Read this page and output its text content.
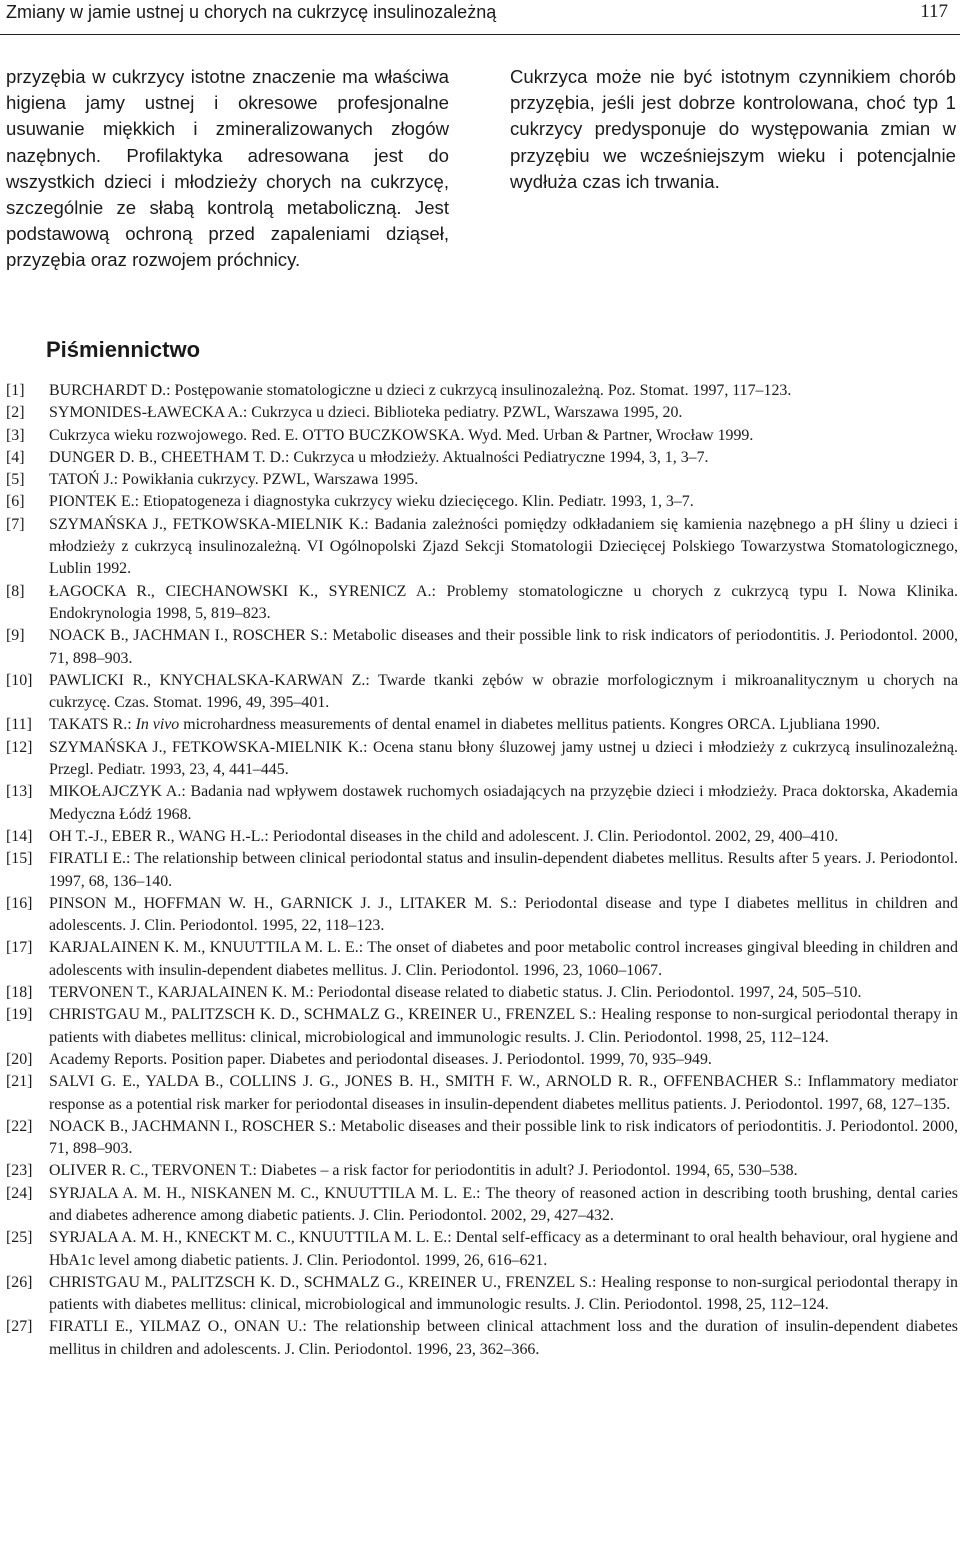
Zmiany w jamie ustnej u chorych na cukrzycę insulinozależną	117
przyzębia w cukrzycy istotne znaczenie ma właściwa higiena jamy ustnej i okresowe profesjonalne usuwanie miękkich i zmineralizowanych złogów nazębnych. Profilaktyka adresowana jest do wszystkich dzieci i młodzieży chorych na cukrzycę, szczególnie ze słabą kontrolą metaboliczną. Jest podstawową ochroną przed zapaleniami dziąseł, przyzębia oraz rozwojem próchnicy.
Cukrzyca może nie być istotnym czynnikiem chorób przyzębia, jeśli jest dobrze kontrolowana, choć typ 1 cukrzycy predysponuje do występowania zmian w przyzębiu we wcześniejszym wieku i potencjalnie wydłuża czas ich trwania.
Piśmiennictwo

[1]	BURCHARDT D.: Postępowanie stomatologiczne u dzieci z cukrzycą insulinozależną. Poz. Stomat. 1997, 117–123.

[2]	SYMONIDES-ŁAWECKA A.: Cukrzyca u dzieci. Biblioteka pediatry. PZWL, Warszawa 1995, 20.

[3]	Cukrzyca wieku rozwojowego. Red. E. OTTO BUCZKOWSKA. Wyd. Med. Urban & Partner, Wrocław 1999.

[4]	DUNGER D. B., CHEETHAM T. D.: Cukrzyca u młodzieży. Aktualności Pediatryczne 1994, 3, 1, 3–7.

[5]	TATOŃ J.: Powikłania cukrzycy. PZWL, Warszawa 1995.

[6]	PIONTEK E.: Etiopatogeneza i diagnostyka cukrzycy wieku dziecięcego. Klin. Pediatr. 1993, 1, 3–7.

[7]	SZYMAŃSKA J., FETKOWSKA-MIELNIK K.: Badania zależności pomiędzy odkładaniem się kamienia nazębnego a pH śliny u dzieci i młodzieży z cukrzycą insulinozależną. VI Ogólnopolski Zjazd Sekcji Stomatologii Dziecięcej Polskiego Towarzystwa Stomatologicznego, Lublin 1992.

[8]	ŁAGOCKA R., CIECHANOWSKI K., SYRENICZ A.: Problemy stomatologiczne u chorych z cukrzycą typu I. Nowa Klinika. Endokrynologia 1998, 5, 819–823.

[9]	NOACK B., JACHMAN I., ROSCHER S.: Metabolic diseases and their possible link to risk indicators of periodontitis. J. Periodontol. 2000, 71, 898–903.

[10]	PAWLICKI R., KNYCHALSKA-KARWAN Z.: Twarde tkanki zębów w obrazie morfologicznym i mikroanalitycznym u chorych na cukrzycę. Czas. Stomat. 1996, 49, 395–401.

[11]	TAKATS R.: In vivo microhardness measurements of dental enamel in diabetes mellitus patients. Kongres ORCA. Ljubliana 1990.

[12]	SZYMAŃSKA J., FETKOWSKA-MIELNIK K.: Ocena stanu błony śluzowej jamy ustnej u dzieci i młodzieży z cukrzycą insulinozależną. Przegl. Pediatr. 1993, 23, 4, 441–445.

[13]	MIKOŁAJCZYK A.: Badania nad wpływem dostawek ruchomych osiadających na przyzębie dzieci i młodzieży. Praca doktorska, Akademia Medyczna Łódź 1968.

[14]	OH T.-J., EBER R., WANG H.-L.: Periodontal diseases in the child and adolescent. J. Clin. Periodontol. 2002, 29, 400–410.

[15]	FIRATLI E.: The relationship between clinical periodontal status and insulin-dependent diabetes mellitus. Results after 5 years. J. Periodontol. 1997, 68, 136–140.

[16]	PINSON M., HOFFMAN W. H., GARNICK J. J., LITAKER M. S.: Periodontal disease and type I diabetes mellitus in children and adolescents. J. Clin. Periodontol. 1995, 22, 118–123.

[17]	KARJALAINEN K. M., KNUUTTILA M. L. E.: The onset of diabetes and poor metabolic control increases gingival bleeding in children and adolescents with insulin-dependent diabetes mellitus. J. Clin. Periodontol. 1996, 23, 1060–1067.

[18]	TERVONEN T., KARJALAINEN K. M.: Periodontal disease related to diabetic status. J. Clin. Periodontol. 1997, 24, 505–510.

[19]	CHRISTGAU M., PALITZSCH K. D., SCHMALZ G., KREINER U., FRENZEL S.: Healing response to non-surgical periodontal therapy in patients with diabetes mellitus: clinical, microbiological and immunologic results. J. Clin. Periodontol. 1998, 25, 112–124.

[20]	Academy Reports. Position paper. Diabetes and periodontal diseases. J. Periodontol. 1999, 70, 935–949.

[21]	SALVI G. E., YALDA B., COLLINS J. G., JONES B. H., SMITH F. W., ARNOLD R. R., OFFENBACHER S.: Inflammatory mediator response as a potential risk marker for periodontal diseases in insulin-dependent diabetes mellitus patients. J. Periodontol. 1997, 68, 127–135.

[22]	NOACK B., JACHMANN I., ROSCHER S.: Metabolic diseases and their possible link to risk indicators of periodontitis. J. Periodontol. 2000, 71, 898–903.

[23]	OLIVER R. C., TERVONEN T.: Diabetes – a risk factor for periodontitis in adult? J. Periodontol. 1994, 65, 530–538.

[24]	SYRJALA A. M. H., NISKANEN M. C., KNUUTTILA M. L. E.: The theory of reasoned action in describing tooth brushing, dental caries and diabetes adherence among diabetic patients. J. Clin. Periodontol. 2002, 29, 427–432.

[25]	SYRJALA A. M. H., KNECKT M. C., KNUUTTILA M. L. E.: Dental self-efficacy as a determinant to oral health behaviour, oral hygiene and HbA1c level among diabetic patients. J. Clin. Periodontol. 1999, 26, 616–621.

[26]	CHRISTGAU M., PALITZSCH K. D., SCHMALZ G., KREINER U., FRENZEL S.: Healing response to non-surgical periodontal therapy in patients with diabetes mellitus: clinical, microbiological and immunologic results. J. Clin. Periodontol. 1998, 25, 112–124.

[27]	FIRATLI E., YILMAZ O., ONAN U.: The relationship between clinical attachment loss and the duration of insulin-dependent diabetes mellitus in children and adolescents. J. Clin. Periodontol. 1996, 23, 362–366.
